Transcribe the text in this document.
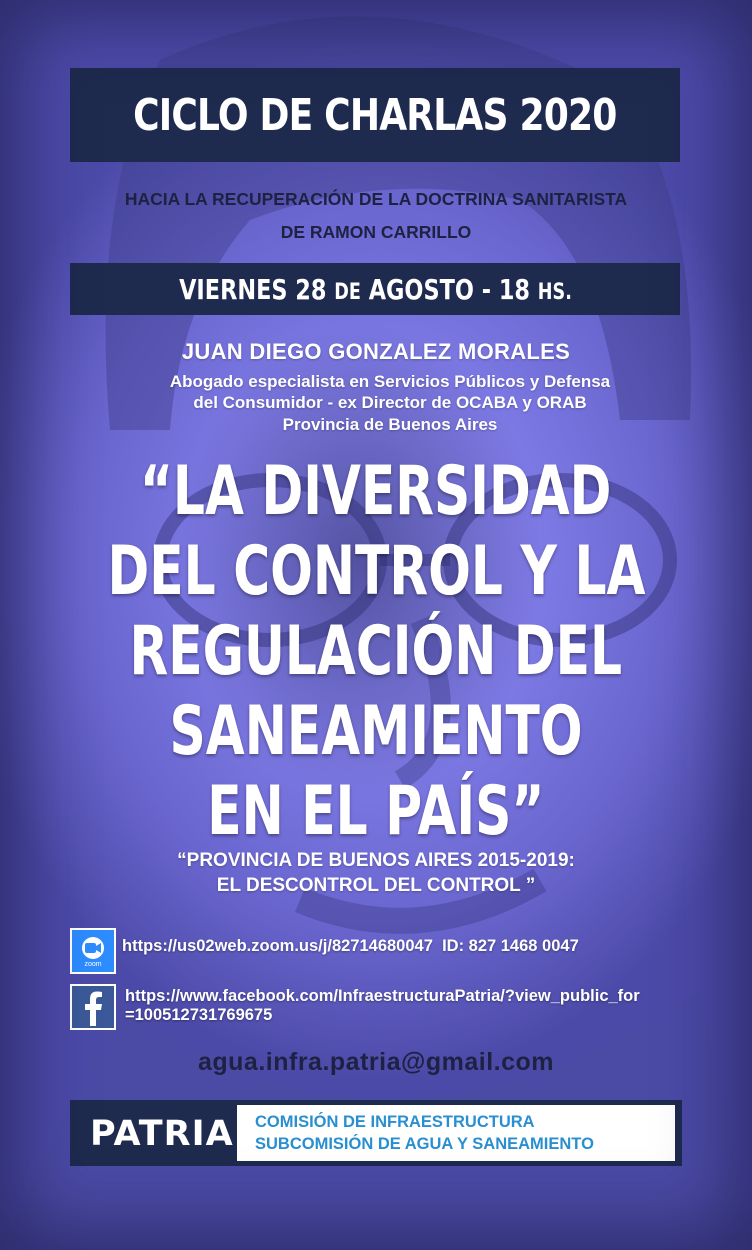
CICLO DE CHARLAS 2020
HACIA LA RECUPERACIÓN DE LA DOCTRINA SANITARISTA
DE RAMON CARRILLO
VIERNES 28 DE AGOSTO - 18 HS.
JUAN DIEGO GONZALEZ MORALES
Abogado especialista en Servicios Públicos y Defensa
del Consumidor - ex Director de OCABA y ORAB
Provincia de Buenos Aires
“LA DIVERSIDAD
DEL CONTROL Y LA
REGULACIÓN DEL
SANEAMIENTO
EN EL PAÍS”
“PROVINCIA DE BUENOS AIRES 2015-2019:
EL DESCONTROL DEL CONTROL ”
zoom
https://us02web.zoom.us/j/82714680047 ID: 827 1468 0047
https://www.facebook.com/InfraestructuraPatria/?view_public_for
=100512731769675
agua.infra.patria@gmail.com
PATRIA COMISIÓN DE INFRAESTRUCTURA
SUBCOMISIÓN DE AGUA Y SANEAMIENTO
